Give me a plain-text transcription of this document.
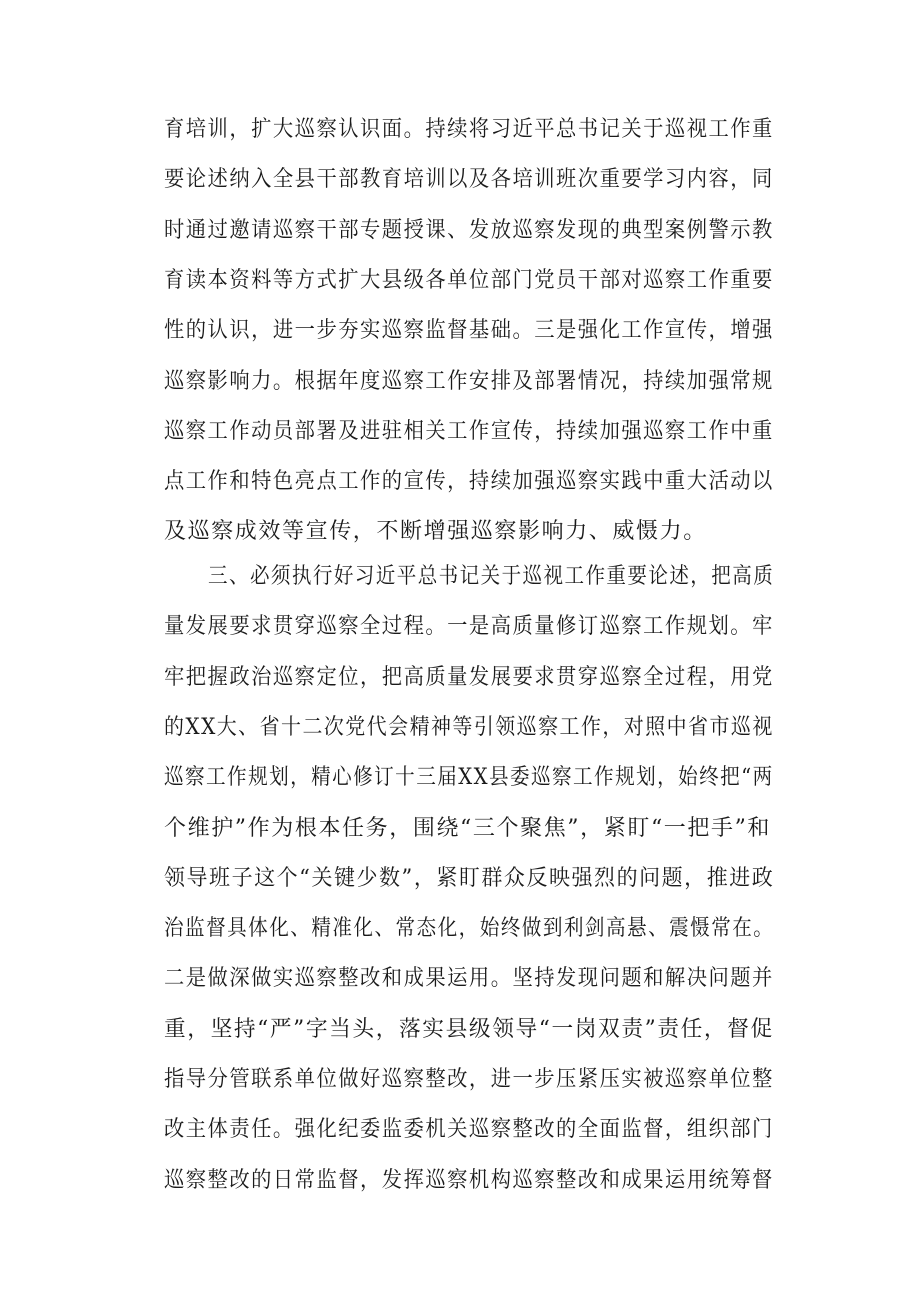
育培训，扩大巡察认识面。持续将习近平总书记关于巡视工作重
要论述纳入全县干部教育培训以及各培训班次重要学习内容，同
时通过邀请巡察干部专题授课、发放巡察发现的典型案例警示教
育读本资料等方式扩大县级各单位部门党员干部对巡察工作重要
性的认识，进一步夯实巡察监督基础。三是强化工作宣传，增强
巡察影响力。根据年度巡察工作安排及部署情况，持续加强常规
巡察工作动员部署及进驻相关工作宣传，持续加强巡察工作中重
点工作和特色亮点工作的宣传，持续加强巡察实践中重大活动以
及巡察成效等宣传，不断增强巡察影响力、威慑力。
三、必须执行好习近平总书记关于巡视工作重要论述，把高质
量发展要求贯穿巡察全过程。一是高质量修订巡察工作规划。牢
牢把握政治巡察定位，把高质量发展要求贯穿巡察全过程，用党
的XX大、省十二次党代会精神等引领巡察工作，对照中省市巡视
巡察工作规划，精心修订十三届XX县委巡察工作规划，始终把“两
个维护”作为根本任务，围绕“三个聚焦”，紧盯“一把手”和
领导班子这个“关键少数”，紧盯群众反映强烈的问题，推进政
治监督具体化、精准化、常态化，始终做到利剑高悬、震慑常在。
二是做深做实巡察整改和成果运用。坚持发现问题和解决问题并
重，坚持“严”字当头，落实县级领导“一岗双责”责任，督促
指导分管联系单位做好巡察整改，进一步压紧压实被巡察单位整
改主体责任。强化纪委监委机关巡察整改的全面监督，组织部门
巡察整改的日常监督，发挥巡察机构巡察整改和成果运用统筹督
